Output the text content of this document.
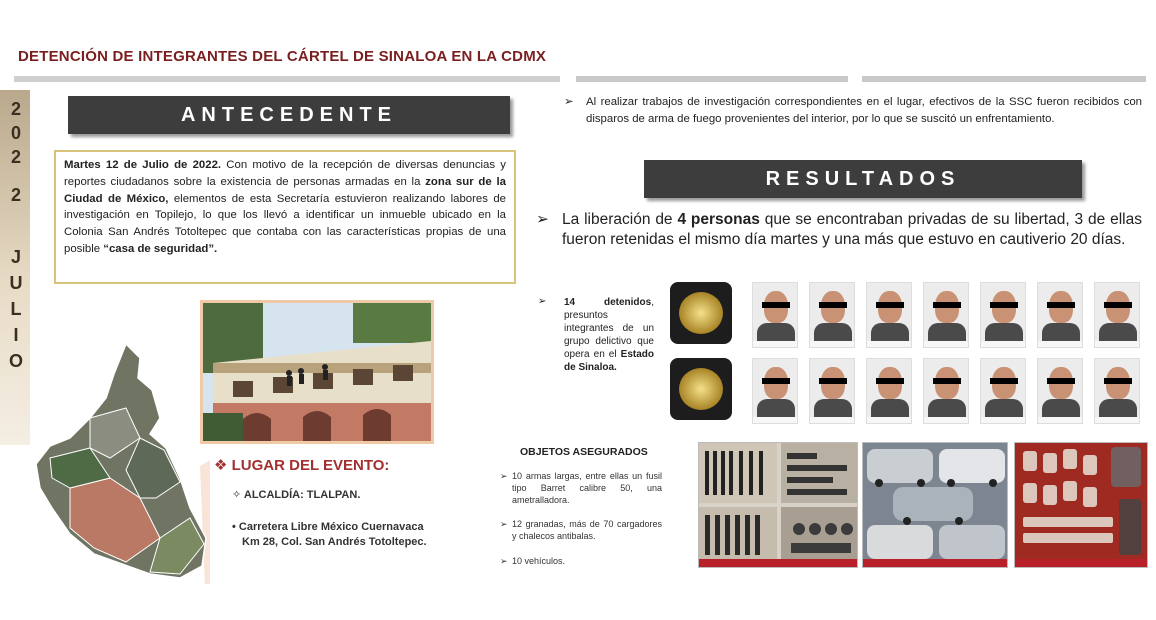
DETENCIÓN DE INTEGRANTES DEL CÁRTEL DE SINALOA EN LA CDMX
2
0
2
2
J
U
L
I
O
ANTECEDENTE
Martes 12 de Julio de 2022. Con motivo de la recepción de diversas denuncias y reportes ciudadanos sobre la existencia de personas armadas en la zona sur de la Ciudad de México, elementos de esta Secretaría estuvieron realizando labores de investigación en Topilejo, lo que los llevó a identificar un inmueble ubicado en la Colonia San Andrés Totoltepec que contaba con las características propias de una posible “casa de seguridad”.
❖ LUGAR DEL EVENTO:
✧ ALCALDÍA: TLALPAN.
• Carretera Libre México Cuernavaca
Km 28, Col. San Andrés Totoltepec.
➢ Al realizar trabajos de investigación correspondientes en el lugar, efectivos de la SSC fueron recibidos con disparos de arma de fuego provenientes del interior, por lo que se suscitó un enfrentamiento.
RESULTADOS
➢ La liberación de 4 personas que se encontraban privadas de su libertad, 3 de ellas fueron retenidas el mismo día martes y una más que estuvo en cautiverio 20 días.
➢ 14 detenidos, presuntos integrantes de un grupo delictivo que opera en el Estado de Sinaloa.
OBJETOS ASEGURADOS
➢ 10 armas largas, entre ellas un fusil tipo Barret calibre 50, una ametralladora.
➢ 12 granadas, más de 70 cargadores y chalecos antibalas.
➢ 10 vehículos.
